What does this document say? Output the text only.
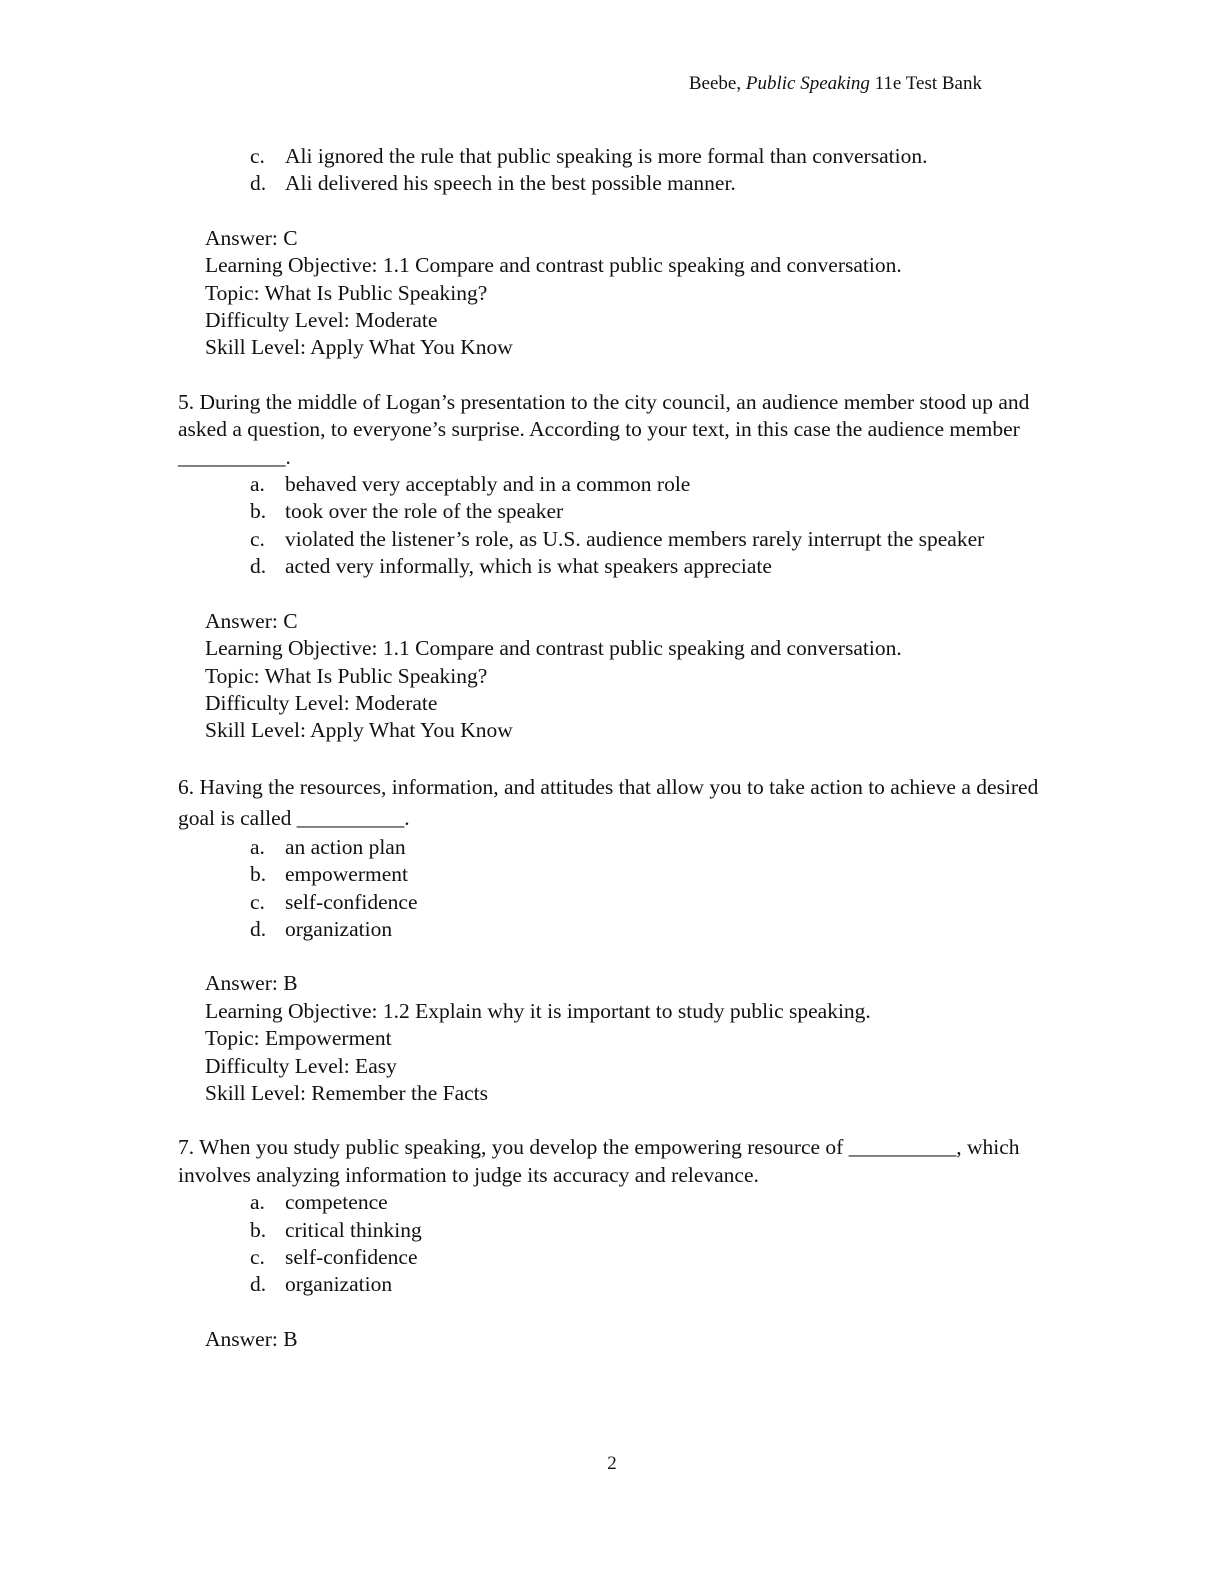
Beebe, Public Speaking 11e Test Bank
c. Ali ignored the rule that public speaking is more formal than conversation.
d. Ali delivered his speech in the best possible manner.
Answer: C
Learning Objective: 1.1 Compare and contrast public speaking and conversation.
Topic: What Is Public Speaking?
Difficulty Level: Moderate
Skill Level: Apply What You Know
5. During the middle of Logan’s presentation to the city council, an audience member stood up and asked a question, to everyone’s surprise. According to your text, in this case the audience member __________.
a. behaved very acceptably and in a common role
b. took over the role of the speaker
c. violated the listener’s role, as U.S. audience members rarely interrupt the speaker
d. acted very informally, which is what speakers appreciate
Answer: C
Learning Objective: 1.1 Compare and contrast public speaking and conversation.
Topic: What Is Public Speaking?
Difficulty Level: Moderate
Skill Level: Apply What You Know
6. Having the resources, information, and attitudes that allow you to take action to achieve a desired goal is called __________.
a. an action plan
b. empowerment
c. self-confidence
d. organization
Answer: B
Learning Objective: 1.2 Explain why it is important to study public speaking.
Topic: Empowerment
Difficulty Level: Easy
Skill Level: Remember the Facts
7. When you study public speaking, you develop the empowering resource of __________, which involves analyzing information to judge its accuracy and relevance.
a. competence
b. critical thinking
c. self-confidence
d. organization
Answer: B
2
